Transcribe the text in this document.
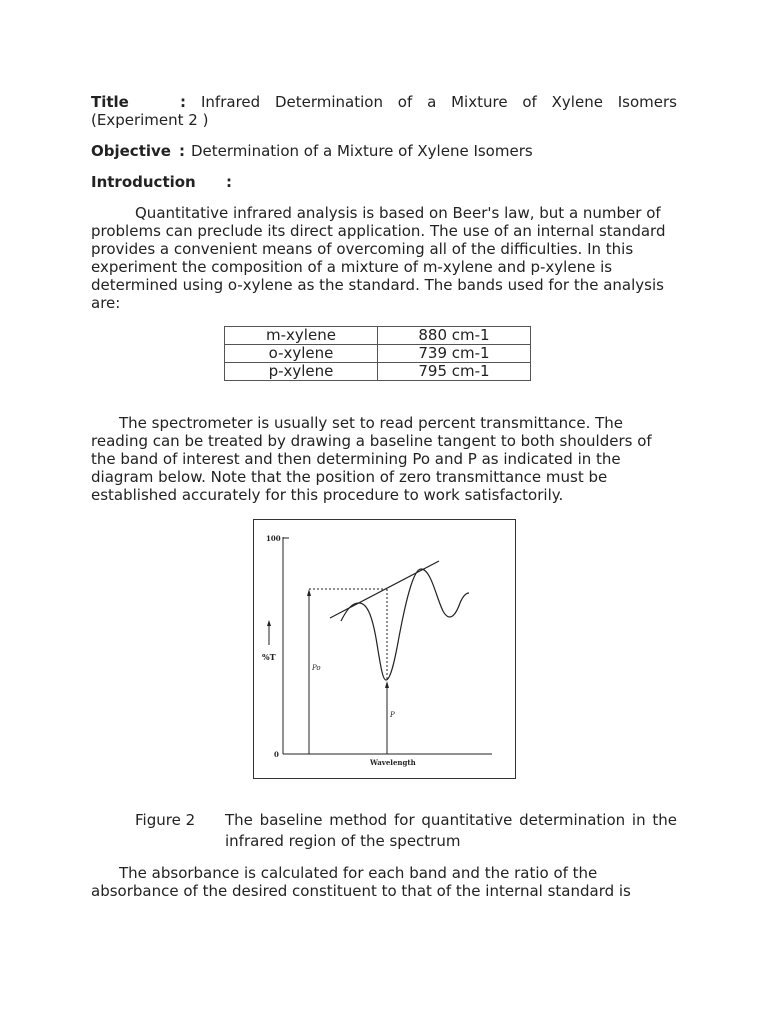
Title	: Infrared Determination of a Mixture of Xylene Isomers
(Experiment 2 )
Objective : Determination of a Mixture of Xylene Isomers
Introduction :

Quantitative infrared analysis is based on Beer's law, but a number of problems can preclude its direct application. The use of an internal standard provides a convenient means of overcoming all of the difficulties. In this experiment the composition of a mixture of m-xylene and p-xylene is determined using o-xylene as the standard. The bands used for the analysis are:

m-xylene	880 cm-1
o-xylene	739 cm-1
p-xylene	795 cm-1

The spectrometer is usually set to read percent transmittance. The reading can be treated by drawing a baseline tangent to both shoulders of the band of interest and then determining Po and P as indicated in the diagram below. Note that the position of zero transmittance must be established accurately for this procedure to work satisfactorily.

100
0
%T
Wavelength
Po
P
Figure 2	The baseline method for quantitative determination in the infrared region of the spectrum
The absorbance is calculated for each band and the ratio of the
absorbance of the desired constituent to that of the internal standard is
